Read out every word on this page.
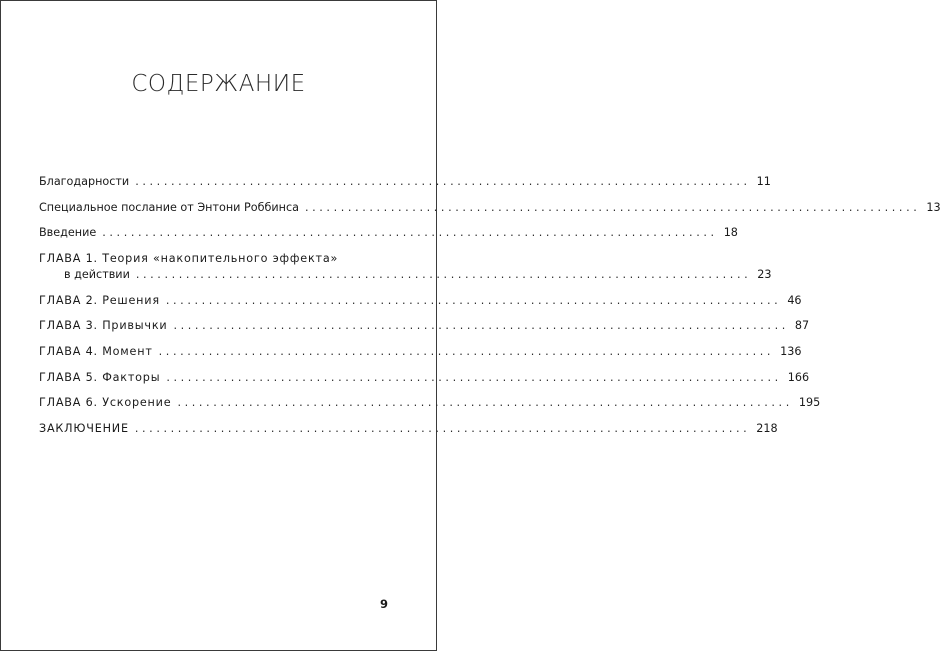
СОДЕРЖАНИЕ
Благодарности ...................................................................................... 11
Специальное послание от Энтони Роббинса ...................................................................................... 13
Введение ...................................................................................... 18
ГЛАВА 1. Теория «накопительного эффекта»
в действии ...................................................................................... 23
ГЛАВА 2. Решения ...................................................................................... 46
ГЛАВА 3. Привычки ...................................................................................... 87
ГЛАВА 4. Момент ...................................................................................... 136
ГЛАВА 5. Факторы ...................................................................................... 166
ГЛАВА 6. Ускорение ...................................................................................... 195
ЗАКЛЮЧЕНИЕ ...................................................................................... 218
9
